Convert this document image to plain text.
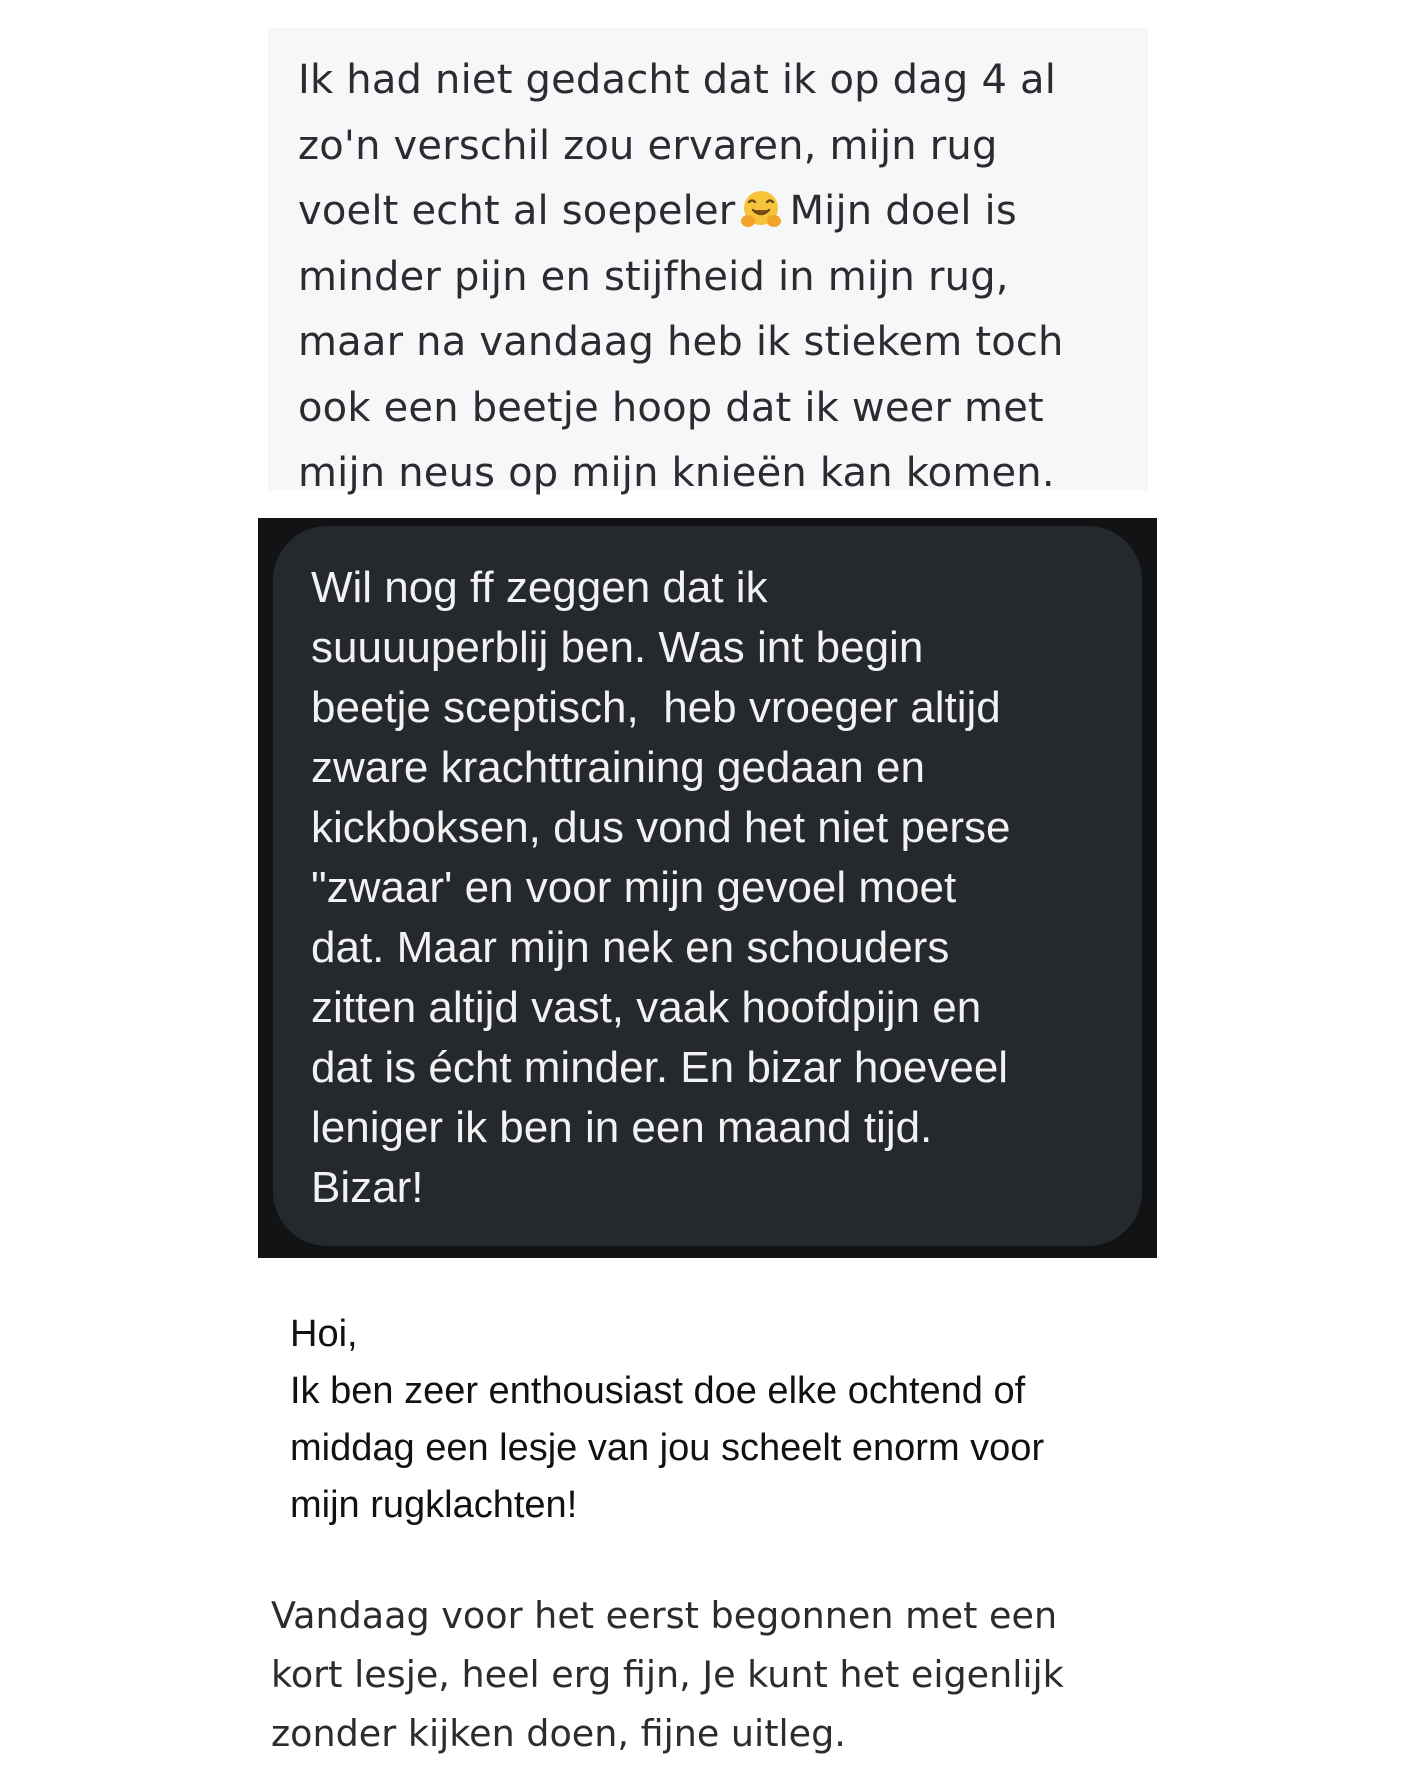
Ik had niet gedacht dat ik op dag 4 al
zo'n verschil zou ervaren, mijn rug
voelt echt al soepeler Mijn doel is
minder pijn en stijfheid in mijn rug,
maar na vandaag heb ik stiekem toch
ook een beetje hoop dat ik weer met
mijn neus op mijn knieën kan komen.
Wil nog ff zeggen dat ik
suuuuperblij ben. Was int begin
beetje sceptisch,  heb vroeger altijd
zware krachttraining gedaan en
kickboksen, dus vond het niet perse
"zwaar' en voor mijn gevoel moet
dat. Maar mijn nek en schouders
zitten altijd vast, vaak hoofdpijn en
dat is écht minder. En bizar hoeveel
leniger ik ben in een maand tijd.
Bizar!
Hoi,
Ik ben zeer enthousiast doe elke ochtend of
middag een lesje van jou scheelt enorm voor
mijn rugklachten!
Vandaag voor het eerst begonnen met een
kort lesje, heel erg fijn, Je kunt het eigenlijk
zonder kijken doen, fijne uitleg.
